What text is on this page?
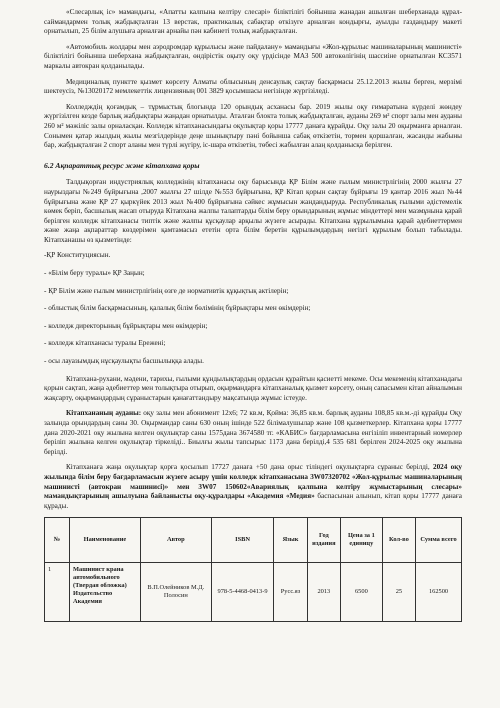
«Слесарлық іс» мамандығы, «Апатты калпына келтіру слесарі» біліктілігі бойынша жанадан ашылған шеберханада құрал-саймандармен толық жабдықталған 13 верстак, практикалық сабақтар өткізуге арналған кондырғы, ауылды газдандыру макеті орнатылып, 25 білім алушыға арналған арнайы пән кабинеті толық жабдықталған.

«Автомобиль жолдары мен аэродромдар құрылысы және пайдалану» мамандығы «Жол-құрылыс машиналарының машинисті» біліктілігі бойынша шеберхана жабдықталған, өндірістік оқыту оқу үрдісінде МАЗ 500 автокөлігінің шассиіне орнатылған КС3571 маркалы автокран қолданылады.

Медициналық пунктте қызмет көрсету Алматы облысының денсаулық сақтау басқармасы 25.12.2013 жылы берген, мерзімі шектеусіз, №13020172 мемлекеттік лицензияның 001 3829 қосымшасы негізінде жүргізіледі.

Колледждің қоғамдық – тұрмыстық блогында 120 орындық асханасы бар. 2019 жылы оқу ғимаратына күрделі жөндеу жүргізілген кезде барлық жабдықтары жаңадан орнатылды. Аталған блокта толық жабдықталған, ауданы 269 м² спорт залы мен ауданы 260 м² мәжіліс залы орналасқан. Колледж кітапханасындағы оқулықтар қоры 17777 данаға құрайды. Оқу залы 20 оқырманға арналған. Сонымен қатар жылдың жылы мезгілдерінде деңе шынықтыру пәні бойынша сабақ өткізетін, тормен қоршалған, жасанды жабыны бар, жабдықталған 2 спорт аланы мен түрлі жүгіру, іс-шара өткізетін, төбесі жабылған алаң қолданысқа берілген.

6.2 Ақпараттық ресурс және кітапхана қоры

Талдықорған индустриялық колледжінің кітапханасы оқу барысында ҚР Білім және ғылым министрлігінің 2000 жылғы 27 наурыздағы №249 бұйрығына ,2007 жылғы 27 шілде №553 бұйрығына, ҚР Кітап қорын сақтау бұйрығы 19 қантар 2016 жыл №44 бұйрығына және ҚР 27 қыркүйек 2013 жыл №400 бұйрығына сәйкес жұмысын жандандыруда. Республикалық ғылыми әдістемелік көмек беріп, басшылық жасап отыруда Кітапхана жалпы талаптарды білім беру орындарының жұмыс міндеттері мен мазмұнына қарай берілген колледж кітапханасы типтік және жалпы құсқаулар арқылы жүзеге асырады. Кітапхана құрылымына қарай әдебиеттермен және жаңа ақпараттар көздерімен қамтамасыз ететін орта білім беретін құрылымдардың негізгі құрылым болып табылады. Кітапханашы өз қызметінде:

-ҚР Конституциясын.

- «Білім беру туралы» ҚР Заңын;

- ҚР Білім және ғылым министрлігінің өзге де нормативтік құқықтық актілерін;

- облыстық білім басқармасының, қалалық білім бөлімінің бұйрықтары мен өкімдерін;

- колледж директорының бұйрықтары мен өкімдерін;

- колледж кітапханасы туралы Ережені;

- осы лауазымдық нұсқаулықты басшылыққа алады.

Кітапхана-рухани, мәдени, тарихы, ғылыми құндылықтардың ордасын құрайтын қасиетті мекеме. Осы мекеменің кітапханадағы қорын сақтап, жаңа әдебиеттер мен толықтыра отырып, оқырмандарға кітапханалық қызмет көрсету, оның сапасымен кітап айналымын жақсарту, оқырмандардың сұраныстарын қанағаттандыру мақсатында жұмыс істеуде.

Кітапхананың ауданы: оқу залы мен абонимент 12х6; 72 кв.м, Қойма: 36,85 кв.м. барлық ауданы 108,85 кв.м.-ді құрайды Оқу залында орындардың саны 30. Оқырмандар саны 630 оның ішінде 522 білімалушылар және 108 қызметкерлер. Кітапхана қоры 17777 дана 2020-2021 оқу жылына келген оқулықтар саны 1575дана 3674580 тг. «КАБИС» бағдарламасына енгізіліп инвентарный номерлер беріліп жылына келген оқулықтар тіркеліді.. Биылғы жылы тапсырыс 1173 дана берілді,4 535 681 берілген 2024-2025 оқу жылына берілді.

Кітапханаға жаңа оқулықтар қорға қосылып 17727 данаға +50 дана орыс тіліндегі оқулықтарға сұраныс берілді, 2024 оқу жылында білім беру бағдарламасын жүзеге асыру үшін колледж кітапханасына 3W07320702 «Жол-құрылыс машиналарының машинисті (автокран машинисі)» мен 3W07 150602«Авариялық қалпына келтіру жұмыстарының слесары» мамандықтарының ашылуына байланысты оқу-құралдары «Академия «Медия» баспасынан алынып, кітап қоры 17777 данаға құрады.

№	Наименование	Автор	ISBN	Язык	Год издания	Цена за 1 единицу	Кол-во	Сумма всего
1	Машинист крана автомобильного (Твердая обложка) Издательство Академия	В.П.Олейников М.Д. Полосин	978-5-4468-0413-9	Русс.яз	2013	6500	25	162500
